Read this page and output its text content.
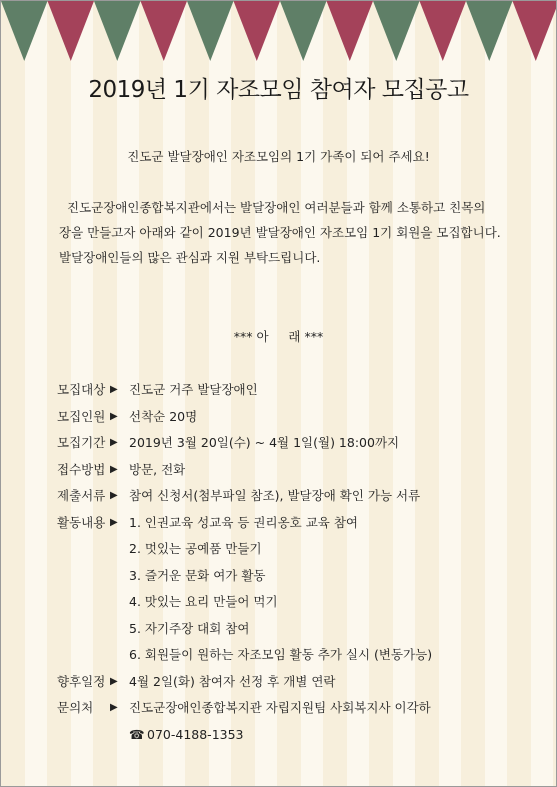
2019년 1기 자조모임 참여자 모집공고
진도군 발달장애인 자조모임의 1기 가족이 되어 주세요!
진도군장애인종합복지관에서는 발달장애인 여러분들과 함께 소통하고 친목의
장을 만들고자 아래와 같이 2019년 발달장애인 자조모임 1기 회원을 모집합니다.
발달장애인들의 많은 관심과 지원 부탁드립니다.
*** 아     래 ***
모집대상 ▶ 진도군 거주 발달장애인
모집인원 ▶ 선착순 20명
모집기간 ▶ 2019년 3월 20일(수) ~ 4월 1일(월) 18:00까지
접수방법 ▶ 방문, 전화
제출서류 ▶ 참여 신청서(첨부파일 참조), 발달장애 확인 가능 서류
활동내용 ▶ 1. 인권교육 성교육 등 권리옹호 교육 참여
2. 멋있는 공예품 만들기
3. 즐거운 문화 여가 활동
4. 맛있는 요리 만들어 먹기
5. 자기주장 대회 참여
6. 회원들이 원하는 자조모임 활동 추가 실시 (변동가능)
향후일정 ▶ 4월 2일(화) 참여자 선정 후 개별 연락
문의처	▶ 진도군장애인종합복지관 자립지원팀 사회복지사 이각하
☎ 070-4188-1353
